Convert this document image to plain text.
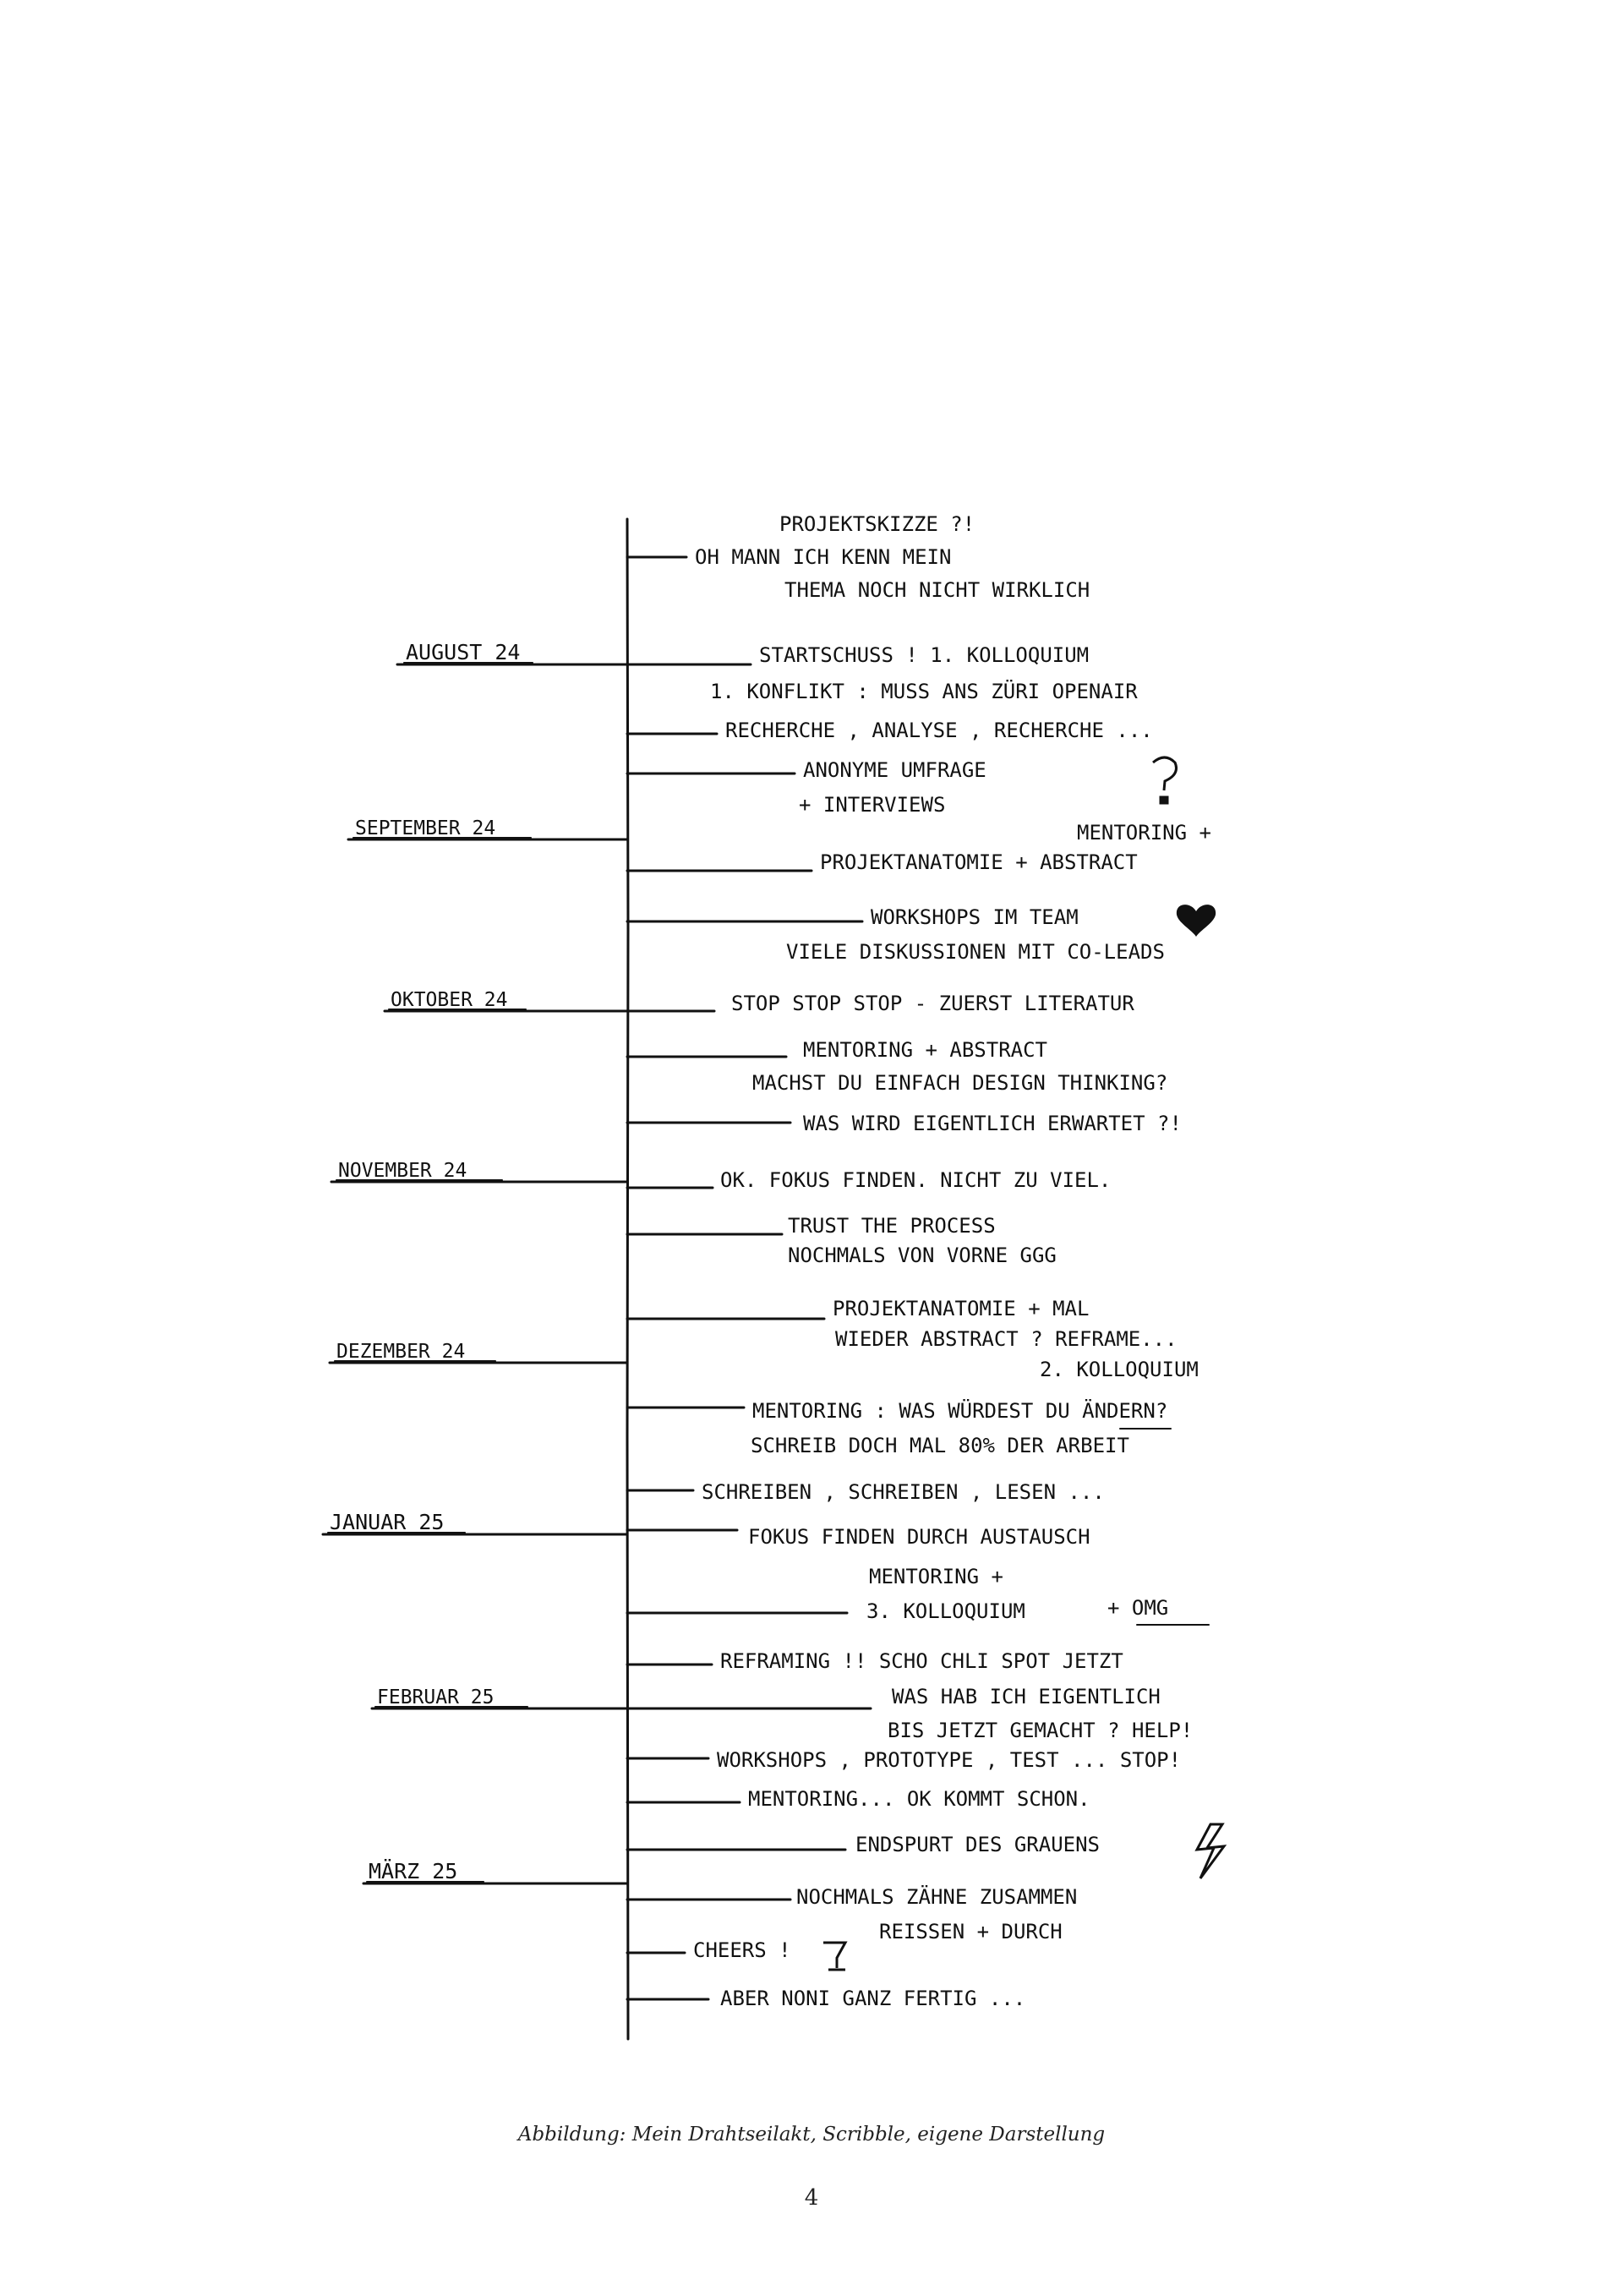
AUGUST 24
SEPTEMBER 24
OKTOBER 24
NOVEMBER 24
DEZEMBER 24
JANUAR 25
FEBRUAR 25
MÄRZ 25
PROJEKTSKIZZE ?!
OH MANN ICH KENN MEIN
THEMA NOCH NICHT WIRKLICH
STARTSCHUSS ! 1. KOLLOQUIUM
1. KONFLIKT : MUSS ANS ZÜRI OPENAIR
RECHERCHE , ANALYSE , RECHERCHE ...
ANONYME UMFRAGE
+ INTERVIEWS
MENTORING +
PROJEKTANATOMIE + ABSTRACT
WORKSHOPS IM TEAM
VIELE DISKUSSIONEN MIT CO-LEADS
STOP STOP STOP - ZUERST LITERATUR
MENTORING + ABSTRACT
MACHST DU EINFACH DESIGN THINKING?
WAS WIRD EIGENTLICH ERWARTET ?!
OK. FOKUS FINDEN. NICHT ZU VIEL.
TRUST THE PROCESS
NOCHMALS VON VORNE GGG
PROJEKTANATOMIE + MAL
WIEDER ABSTRACT ? REFRAME...
2. KOLLOQUIUM
MENTORING : WAS WÜRDEST DU ÄNDERN?
SCHREIB DOCH MAL 80% DER ARBEIT
SCHREIBEN , SCHREIBEN , LESEN ...
FOKUS FINDEN DURCH AUSTAUSCH
MENTORING +
3. KOLLOQUIUM	+ OMG
REFRAMING !! SCHO CHLI SPOT JETZT
WAS HAB ICH EIGENTLICH
BIS JETZT GEMACHT ? HELP!
WORKSHOPS , PROTOTYPE , TEST ... STOP!
MENTORING... OK KOMMT SCHON.
ENDSPURT DES GRAUENS
NOCHMALS ZÄHNE ZUSAMMEN
REISSEN + DURCH
CHEERS !
ABER NONI GANZ FERTIG ...
Abbildung: Mein Drahtseilakt, Scribble, eigene Darstellung
4
